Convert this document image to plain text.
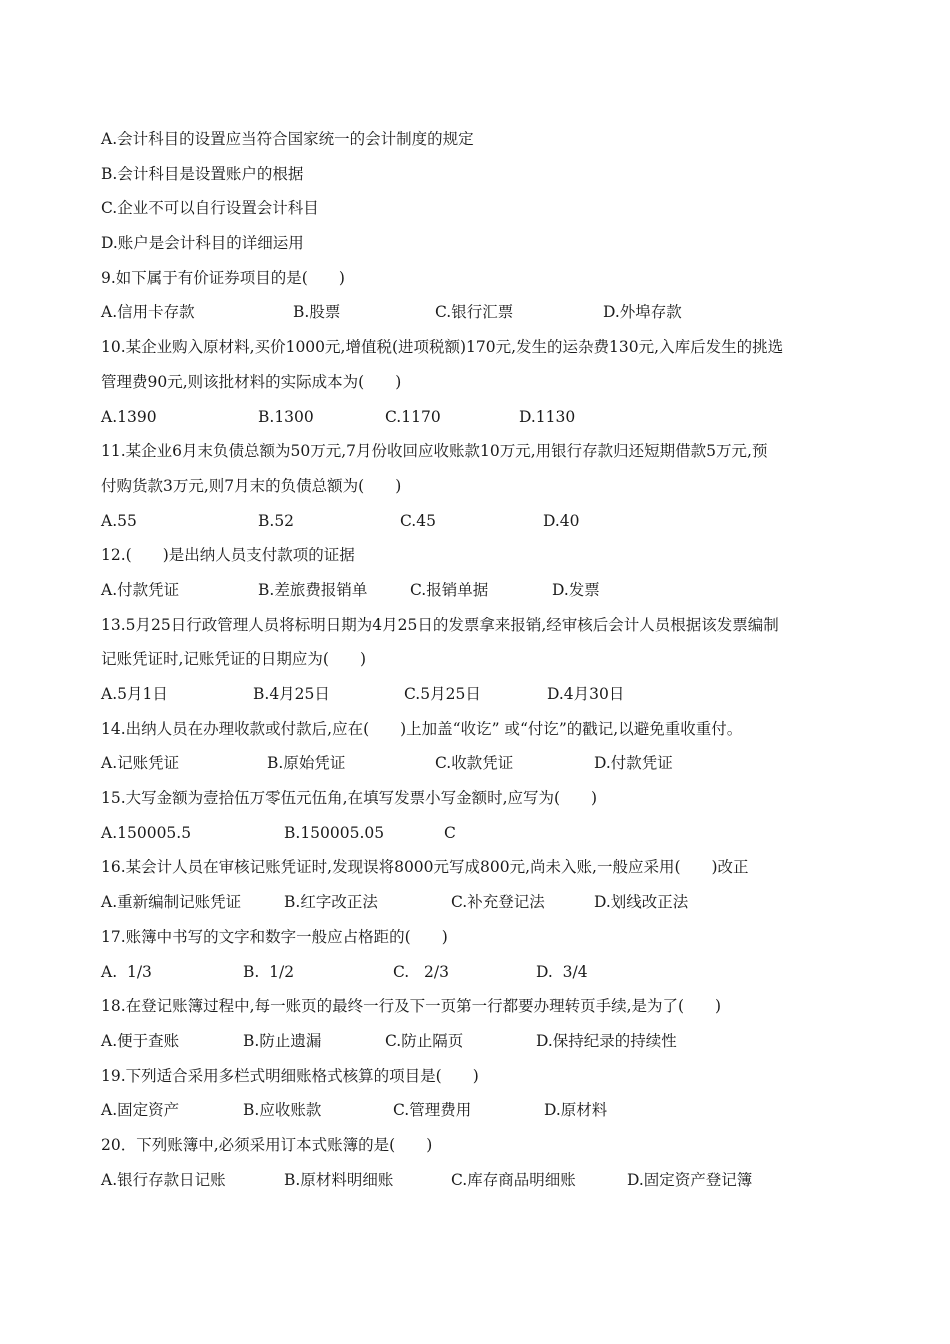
A.会计科目的设置应当符合国家统一的会计制度的规定
B.会计科目是设置账户的根据
C.企业不可以自行设置会计科目
D.账户是会计科目的详细运用
9.如下属于有价证券项目的是(　　)
A.信用卡存款	B.股票	C.银行汇票	D.外埠存款
10.某企业购入原材料,买价1000元,增值税(进项税额)170元,发生的运杂费130元,入库后发生的挑选
管理费90元,则该批材料的实际成本为(　　)
A.1390	B.1300	C.1170	D.1130
11.某企业6月末负债总额为50万元,7月份收回应收账款10万元,用银行存款归还短期借款5万元,预
付购货款3万元,则7月末的负债总额为(　　)
A.55	B.52	C.45	D.40
12.(　　)是出纳人员支付款项的证据
A.付款凭证	B.差旅费报销单	C.报销单据	D.发票
13.5月25日行政管理人员将标明日期为4月25日的发票拿来报销,经审核后会计人员根据该发票编制
记账凭证时,记账凭证的日期应为(　　)
A.5月1日	B.4月25日	C.5月25日	D.4月30日
14.出纳人员在办理收款或付款后,应在(　　)上加盖“收讫” 或“付讫”的戳记,以避免重收重付。
A.记账凭证	B.原始凭证	C.收款凭证	D.付款凭证
15.大写金额为壹拾伍万零伍元伍角,在填写发票小写金额时,应写为(　　)
A.150005.5	B.150005.05	C
16.某会计人员在审核记账凭证时,发现误将8000元写成800元,尚未入账,一般应采用(　　)改正
A.重新编制记账凭证	B.红字改正法	C.补充登记法	D.划线改正法
17.账簿中书写的文字和数字一般应占格距的(　　)
A.  1/3	B.  1/2	C.   2/3	D.  3/4
18.在登记账簿过程中,每一账页的最终一行及下一页第一行都要办理转页手续,是为了(　　)
A.便于查账	B.防止遗漏	C.防止隔页	D.保持纪录的持续性
19.下列适合采用多栏式明细账格式核算的项目是(　　)
A.固定资产	B.应收账款	C.管理费用	D.原材料
20．下列账簿中,必须采用订本式账簿的是(　　)
A.银行存款日记账	B.原材料明细账	C.库存商品明细账	D.固定资产登记簿
